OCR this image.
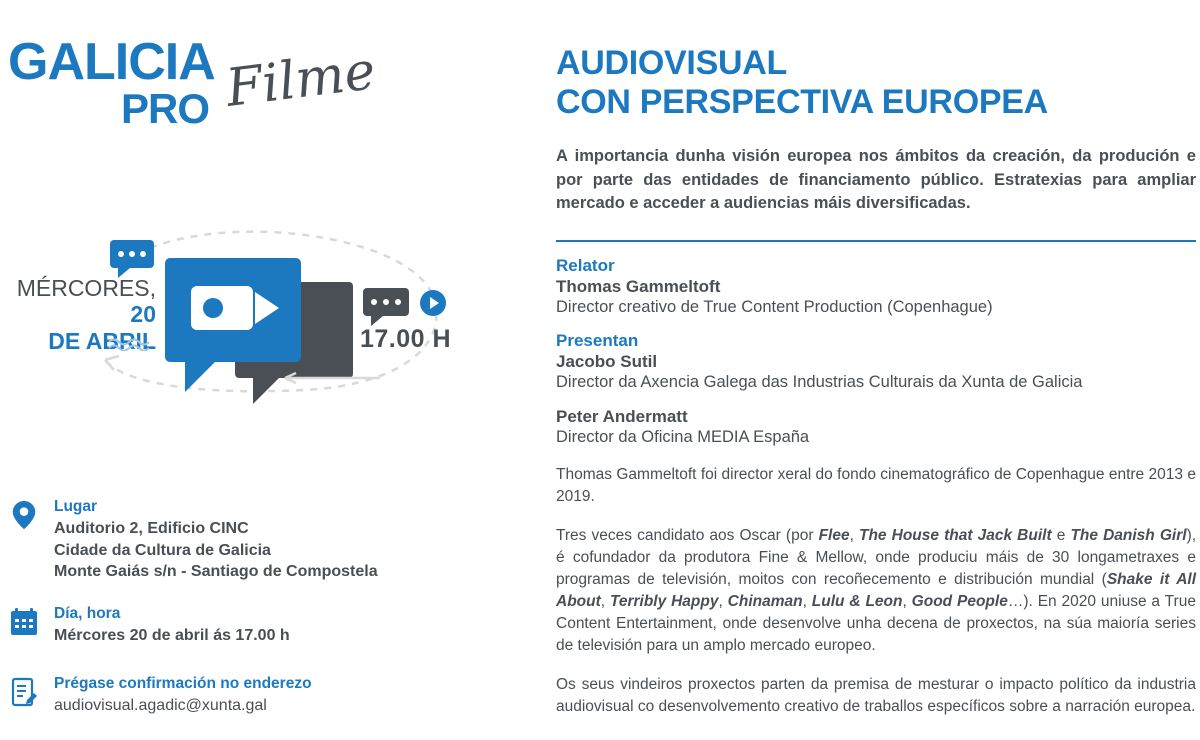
GALICIA
PRO Filme
MÉRCORES, 20
DE ABRIL	17.00 H
Lugar
Auditorio 2, Edificio CINC
Cidade da Cultura de Galicia
Monte Gaiás s/n - Santiago de Compostela
Día, hora
Mércores 20 de abril ás 17.00 h
Prégase confirmación no enderezo
audiovisual.agadic@xunta.gal
AUDIOVISUAL
CON PERSPECTIVA EUROPEA
A importancia dunha visión europea nos ámbitos da creación, da produción e por parte das entidades de financiamento público. Estratexias para ampliar mercado e acceder a audiencias máis diversificadas.
Relator
Thomas Gammeltoft
Director creativo de True Content Production (Copenhague)
Presentan
Jacobo Sutil
Director da Axencia Galega das Industrias Culturais da Xunta de Galicia
Peter Andermatt
Director da Oficina MEDIA España
Thomas Gammeltoft foi director xeral do fondo cinematográfico de Copenhague entre 2013 e 2019.
Tres veces candidato aos Oscar (por Flee, The House that Jack Built e The Danish Girl), é cofundador da produtora Fine & Mellow, onde produciu máis de 30 longametraxes e programas de televisión, moitos con recoñecemento e distribución mundial (Shake it All About, Terribly Happy, Chinaman, Lulu & Leon, Good People…). En 2020 uniuse a True Content Entertainment, onde desenvolve unha decena de proxectos, na súa maioría series de televisión para un amplo mercado europeo.
Os seus vindeiros proxectos parten da premisa de mesturar o impacto político da industria audiovisual co desenvolvemento creativo de traballos específicos sobre a narración europea.
